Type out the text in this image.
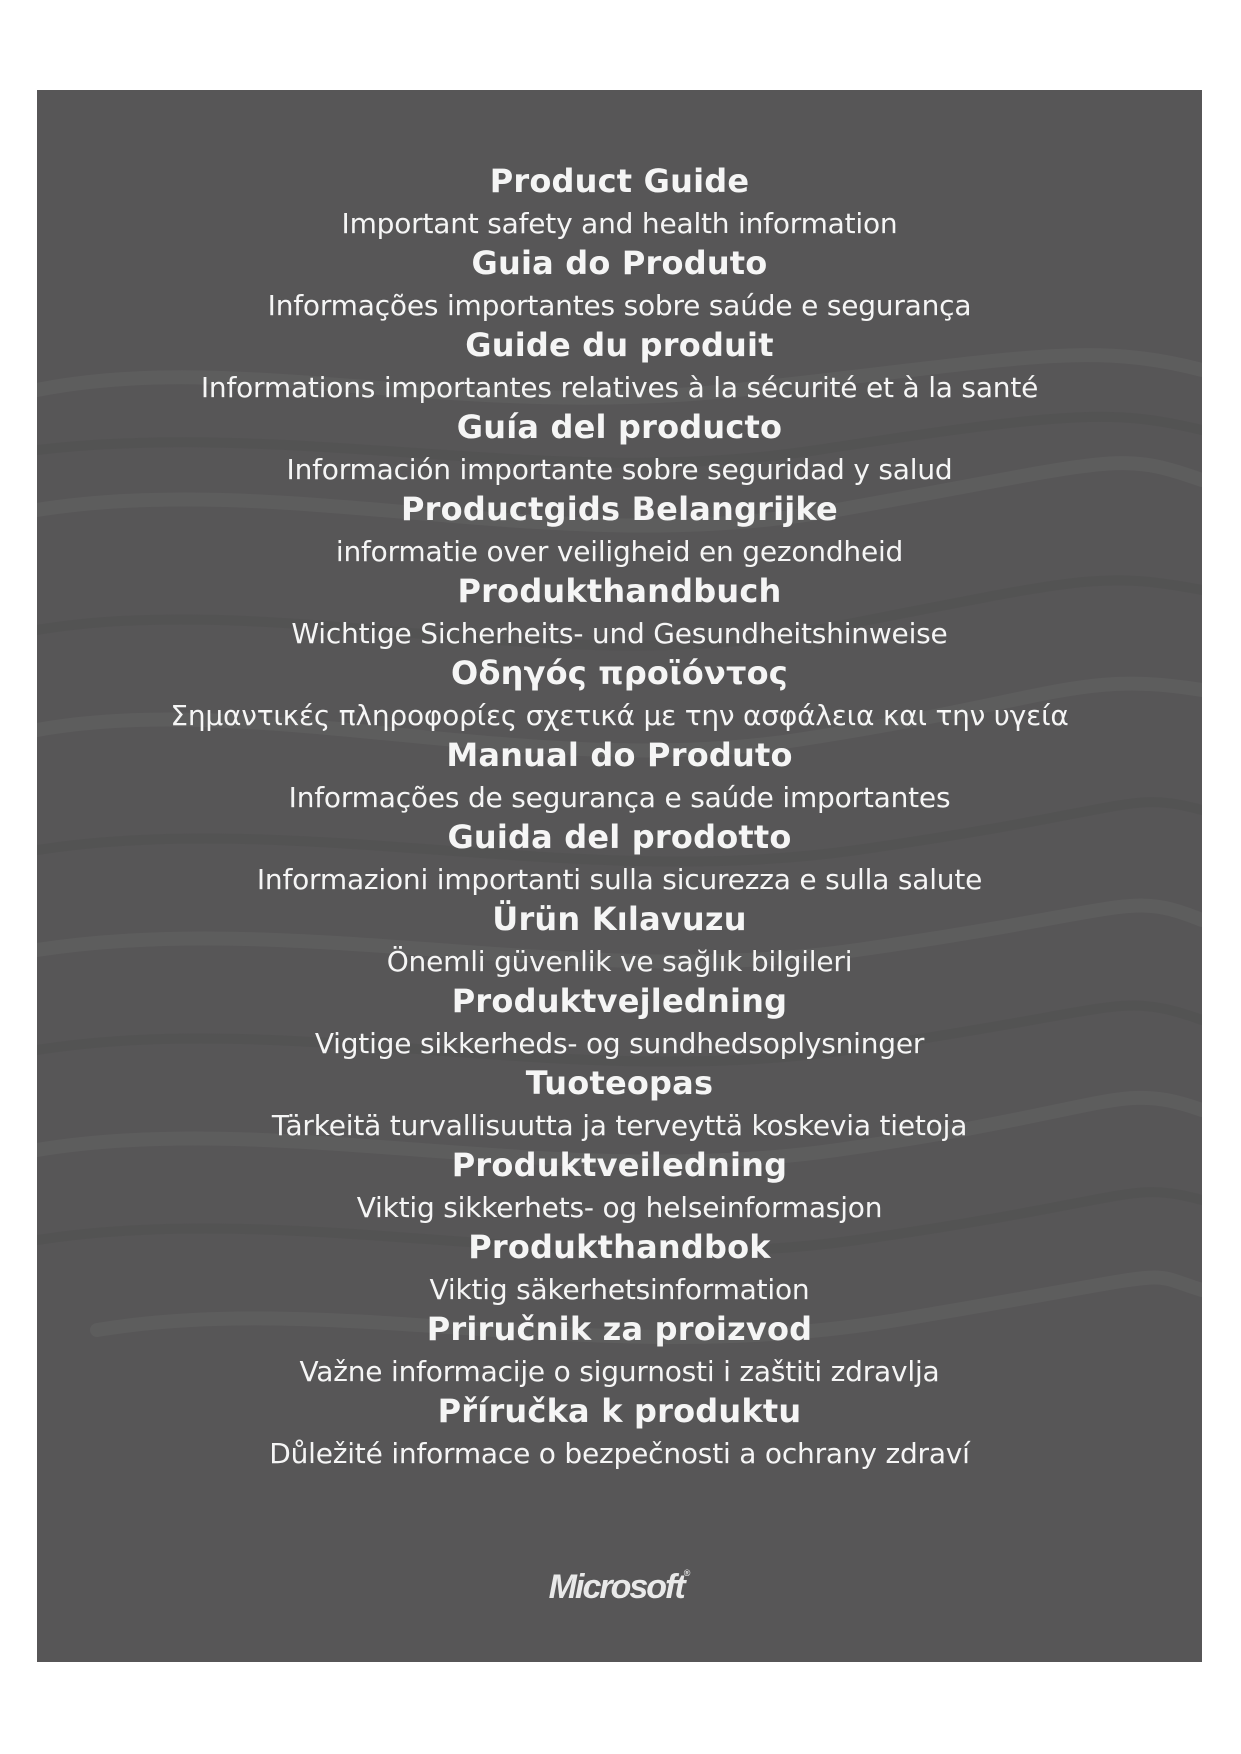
Product Guide
Important safety and health information
Guia do Produto
Informações importantes sobre saúde e segurança
Guide du produit
Informations importantes relatives à la sécurité et à la santé
Guía del producto
Información importante sobre seguridad y salud
Productgids Belangrijke
informatie over veiligheid en gezondheid
Produkthandbuch
Wichtige Sicherheits- und Gesundheitshinweise
Οδηγός προϊόντος
Σημαντικές πληροφορίες σχετικά με την ασφάλεια και την υγεία
Manual do Produto
Informações de segurança e saúde importantes
Guida del prodotto
Informazioni importanti sulla sicurezza e sulla salute
Ürün Kılavuzu
Önemli güvenlik ve sağlık bilgileri
Produktvejledning
Vigtige sikkerheds- og sundhedsoplysninger
Tuoteopas
Tärkeitä turvallisuutta ja terveyttä koskevia tietoja
Produktveiledning
Viktig sikkerhets- og helseinformasjon
Produkthandbok
Viktig säkerhetsinformation
Priručnik za proizvod
Važne informacije o sigurnosti i zaštiti zdravlja
Příručka k produktu
Důležité informace o bezpečnosti a ochrany zdraví
Microsoft®
